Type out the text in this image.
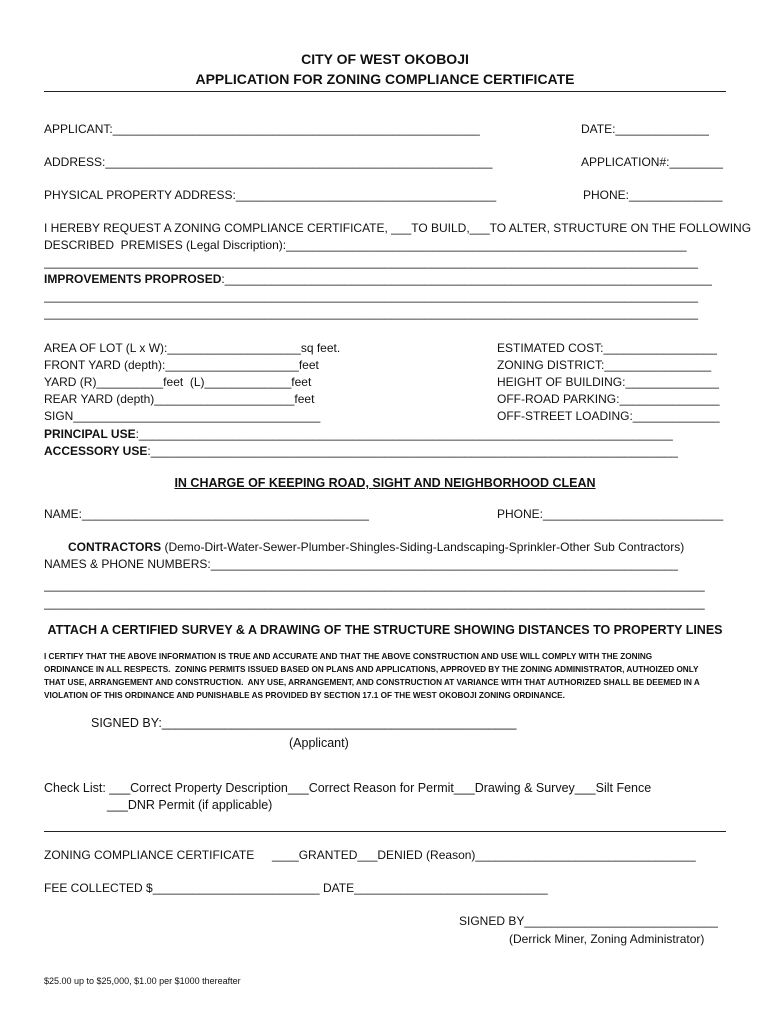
CITY OF WEST OKOBOJI
APPLICATION FOR ZONING COMPLIANCE CERTIFICATE
APPLICANT:_______________________________________________________	DATE:______________
ADDRESS:__________________________________________________________	APPLICATION#:________
PHYSICAL PROPERTY ADDRESS:_______________________________________	PHONE:______________
I HEREBY REQUEST A ZONING COMPLIANCE CERTIFICATE, ___TO BUILD,___TO ALTER, STRUCTURE ON THE FOLLOWING
DESCRIBED  PREMISES (Legal Discription):____________________________________________________________
__________________________________________________________________________________________________
IMPROVEMENTS PROPROSED:_________________________________________________________________________
__________________________________________________________________________________________________
__________________________________________________________________________________________________
AREA OF LOT (L x W):____________________sq feet.
FRONT YARD (depth):____________________feet
YARD (R)__________feet  (L)_____________feet
REAR YARD (depth)_____________________feet
SIGN_____________________________________
ESTIMATED COST:_________________
ZONING DISTRICT:________________
HEIGHT OF BUILDING:______________
OFF-ROAD PARKING:_______________
OFF-STREET LOADING:_____________
PRINCIPAL USE:________________________________________________________________________________
ACCESSORY USE:_______________________________________________________________________________
IN CHARGE OF KEEPING ROAD, SIGHT AND NEIGHBORHOOD CLEAN
NAME:___________________________________________	PHONE:___________________________
CONTRACTORS (Demo-Dirt-Water-Sewer-Plumber-Shingles-Siding-Landscaping-Sprinkler-Other Sub Contractors)
NAMES & PHONE NUMBERS:______________________________________________________________________
___________________________________________________________________________________________________
___________________________________________________________________________________________________
ATTACH A CERTIFIED SURVEY & A DRAWING OF THE STRUCTURE SHOWING DISTANCES TO PROPERTY LINES
I CERTIFY THAT THE ABOVE INFORMATION IS TRUE AND ACCURATE AND THAT THE ABOVE CONSTRUCTION AND USE WILL COMPLY WITH THE ZONING
ORDINANCE IN ALL RESPECTS.  ZONING PERMITS ISSUED BASED ON PLANS AND APPLICATIONS, APPROVED BY THE ZONING ADMINISTRATOR, AUTHOIZED ONLY
THAT USE, ARRANGEMENT AND CONSTRUCTION.  ANY USE, ARRANGEMENT, AND CONSTRUCTION AT VARIANCE WITH THAT AUTHORIZED SHALL BE DEEMED IN A
VIOLATION OF THIS ORDINANCE AND PUNISHABLE AS PROVIDED BY SECTION 17.1 OF THE WEST OKOBOJI ZONING ORDINANCE.
SIGNED BY:___________________________________________________
(Applicant)
Check List: ___Correct Property Description___Correct Reason for Permit___Drawing & Survey___Silt Fence
___DNR Permit (if applicable)
ZONING COMPLIANCE CERTIFICATE ____GRANTED___DENIED (Reason)_________________________________
FEE COLLECTED $_________________________ DATE_____________________________
SIGNED BY_____________________________
(Derrick Miner, Zoning Administrator)
$25.00 up to $25,000, $1.00 per $1000 thereafter
